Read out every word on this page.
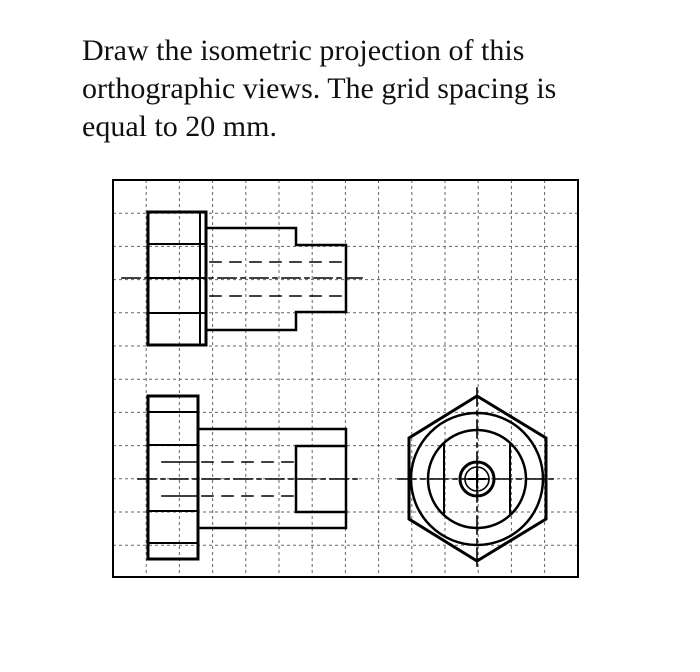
Draw the isometric projection of this
orthographic views. The grid spacing is
equal to 20 mm.
